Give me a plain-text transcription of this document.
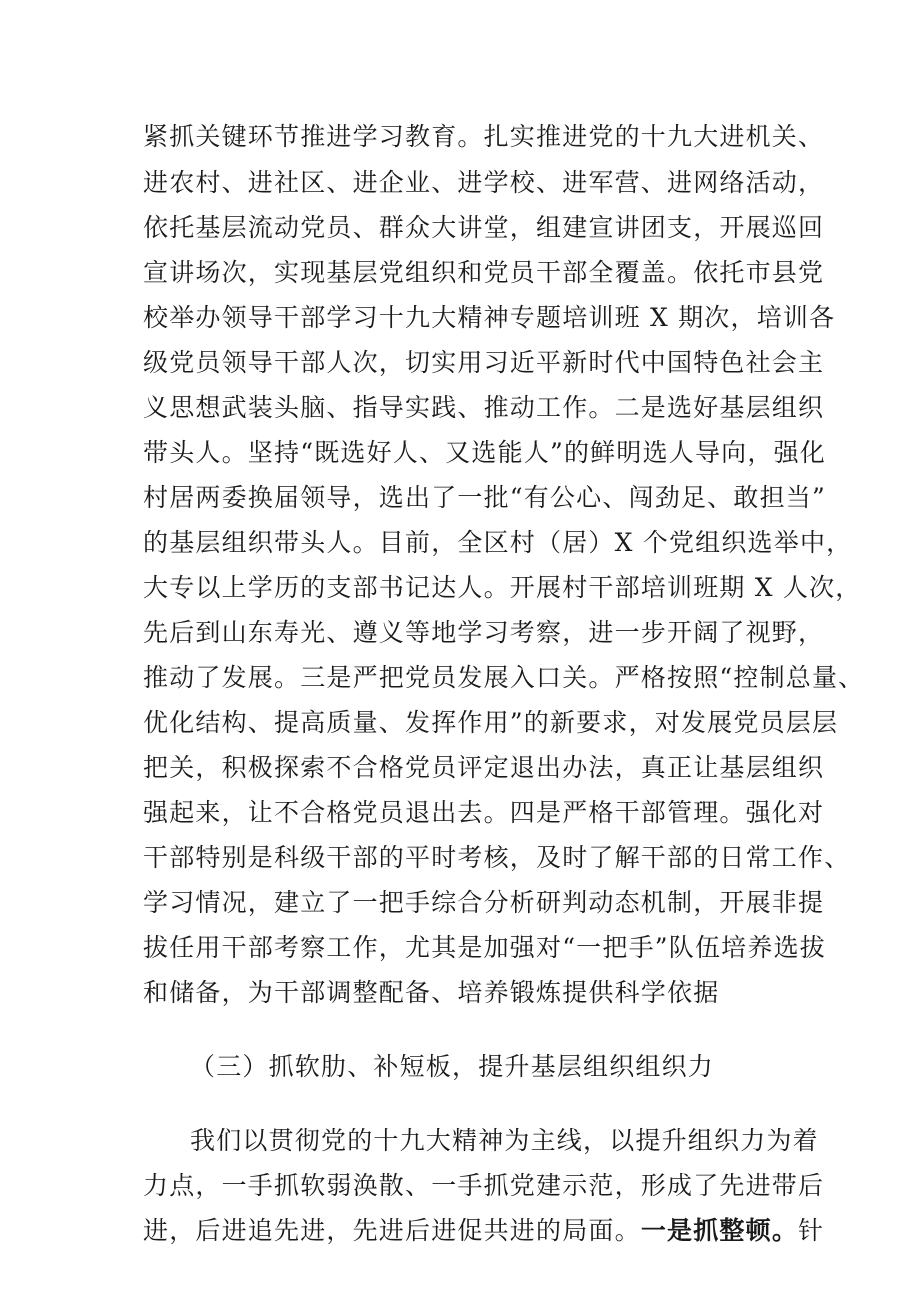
紧抓关键环节推进学习教育。扎实推进党的十九大进机关、
进农村、进社区、进企业、进学校、进军营、进网络活动，
依托基层流动党员、群众大讲堂，组建宣讲团支，开展巡回
宣讲场次，实现基层党组织和党员干部全覆盖。依托市县党
校举办领导干部学习十九大精神专题培训班 X 期次，培训各
级党员领导干部人次，切实用习近平新时代中国特色社会主
义思想武装头脑、指导实践、推动工作。二是选好基层组织
带头人。坚持“既选好人、又选能人”的鲜明选人导向，强化
村居两委换届领导，选出了一批“有公心、闯劲足、敢担当”
的基层组织带头人。目前，全区村（居）X 个党组织选举中，
大专以上学历的支部书记达人。开展村干部培训班期 X 人次，
先后到山东寿光、遵义等地学习考察，进一步开阔了视野，
推动了发展。三是严把党员发展入口关。严格按照“控制总量、
优化结构、提高质量、发挥作用”的新要求，对发展党员层层
把关，积极探索不合格党员评定退出办法，真正让基层组织
强起来，让不合格党员退出去。四是严格干部管理。强化对
干部特别是科级干部的平时考核，及时了解干部的日常工作、
学习情况，建立了一把手综合分析研判动态机制，开展非提
拔任用干部考察工作，尤其是加强对“一把手”队伍培养选拔
和储备，为干部调整配备、培养锻炼提供科学依据
（三）抓软肋、补短板，提升基层组织组织力
我们以贯彻党的十九大精神为主线，以提升组织力为着
力点，一手抓软弱涣散、一手抓党建示范，形成了先进带后
进，后进追先进，先进后进促共进的局面。一是抓整顿。针
